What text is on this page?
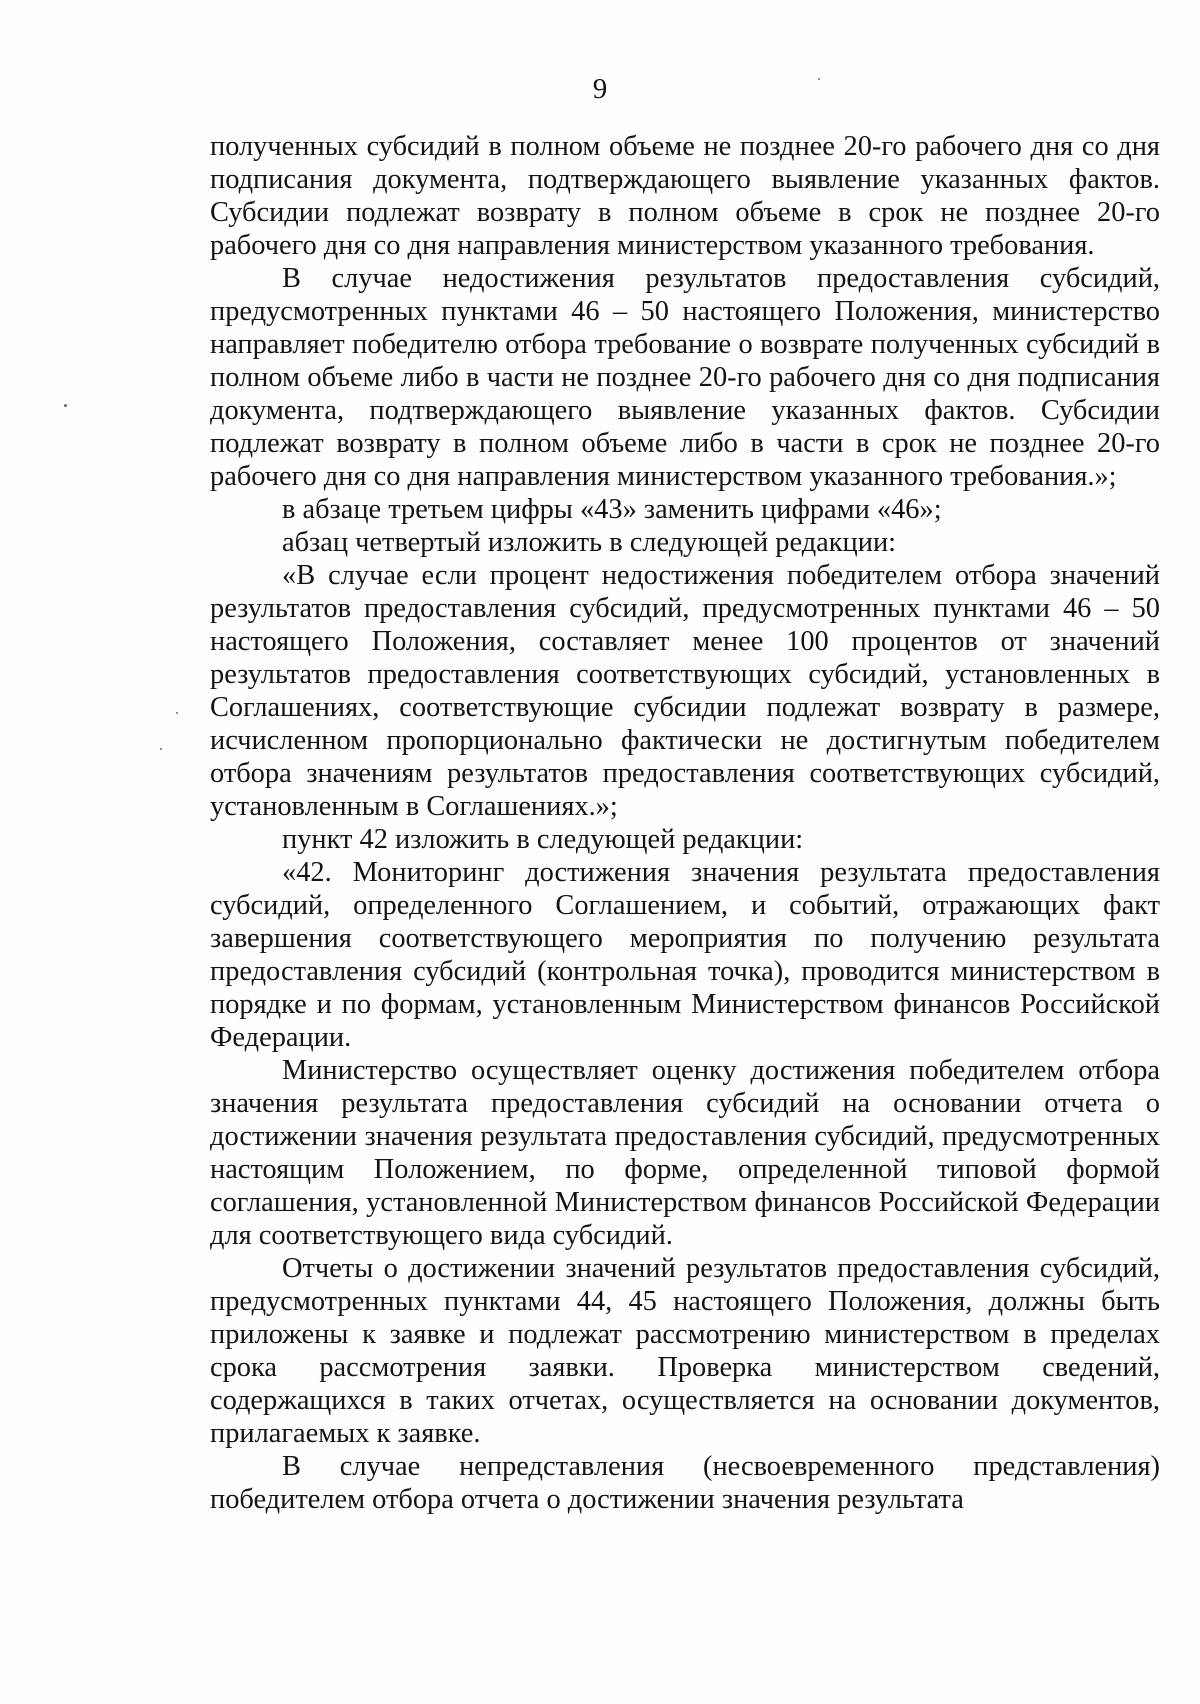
9

полученных субсидий в полном объеме не позднее 20-го рабочего дня со дня подписания документа, подтверждающего выявление указанных фактов. Субсидии подлежат возврату в полном объеме в срок не позднее 20-го рабочего дня со дня направления министерством указанного требования.

В случае недостижения результатов предоставления субсидий, предусмотренных пунктами 46 – 50 настоящего Положения, министерство направляет победителю отбора требование о возврате полученных субсидий в полном объеме либо в части не позднее 20-го рабочего дня со дня подписания документа, подтверждающего выявление указанных фактов. Субсидии подлежат возврату в полном объеме либо в части в срок не позднее 20-го рабочего дня со дня направления министерством указанного требования.»;

в абзаце третьем цифры «43» заменить цифрами «46»;

абзац четвертый изложить в следующей редакции:

«В случае если процент недостижения победителем отбора значений результатов предоставления субсидий, предусмотренных пунктами 46 – 50 настоящего Положения, составляет менее 100 процентов от значений результатов предоставления соответствующих субсидий, установленных в Соглашениях, соответствующие субсидии подлежат возврату в размере, исчисленном пропорционально фактически не достигнутым победителем отбора значениям результатов предоставления соответствующих субсидий, установленным в Соглашениях.»;

пункт 42 изложить в следующей редакции:

«42. Мониторинг достижения значения результата предоставления субсидий, определенного Соглашением, и событий, отражающих факт завершения соответствующего мероприятия по получению результата предоставления субсидий (контрольная точка), проводится министерством в порядке и по формам, установленным Министерством финансов Российской Федерации.

Министерство осуществляет оценку достижения победителем отбора значения результата предоставления субсидий на основании отчета о достижении значения результата предоставления субсидий, предусмотренных настоящим Положением, по форме, определенной типовой формой соглашения, установленной Министерством финансов Российской Федерации для соответствующего вида субсидий.

Отчеты о достижении значений результатов предоставления субсидий, предусмотренных пунктами 44, 45 настоящего Положения, должны быть приложены к заявке и подлежат рассмотрению министерством в пределах срока рассмотрения заявки. Проверка министерством сведений, содержащихся в таких отчетах, осуществляется на основании документов, прилагаемых к заявке.

В случае непредставления (несвоевременного представления) победителем отбора отчета о достижении значения результата
